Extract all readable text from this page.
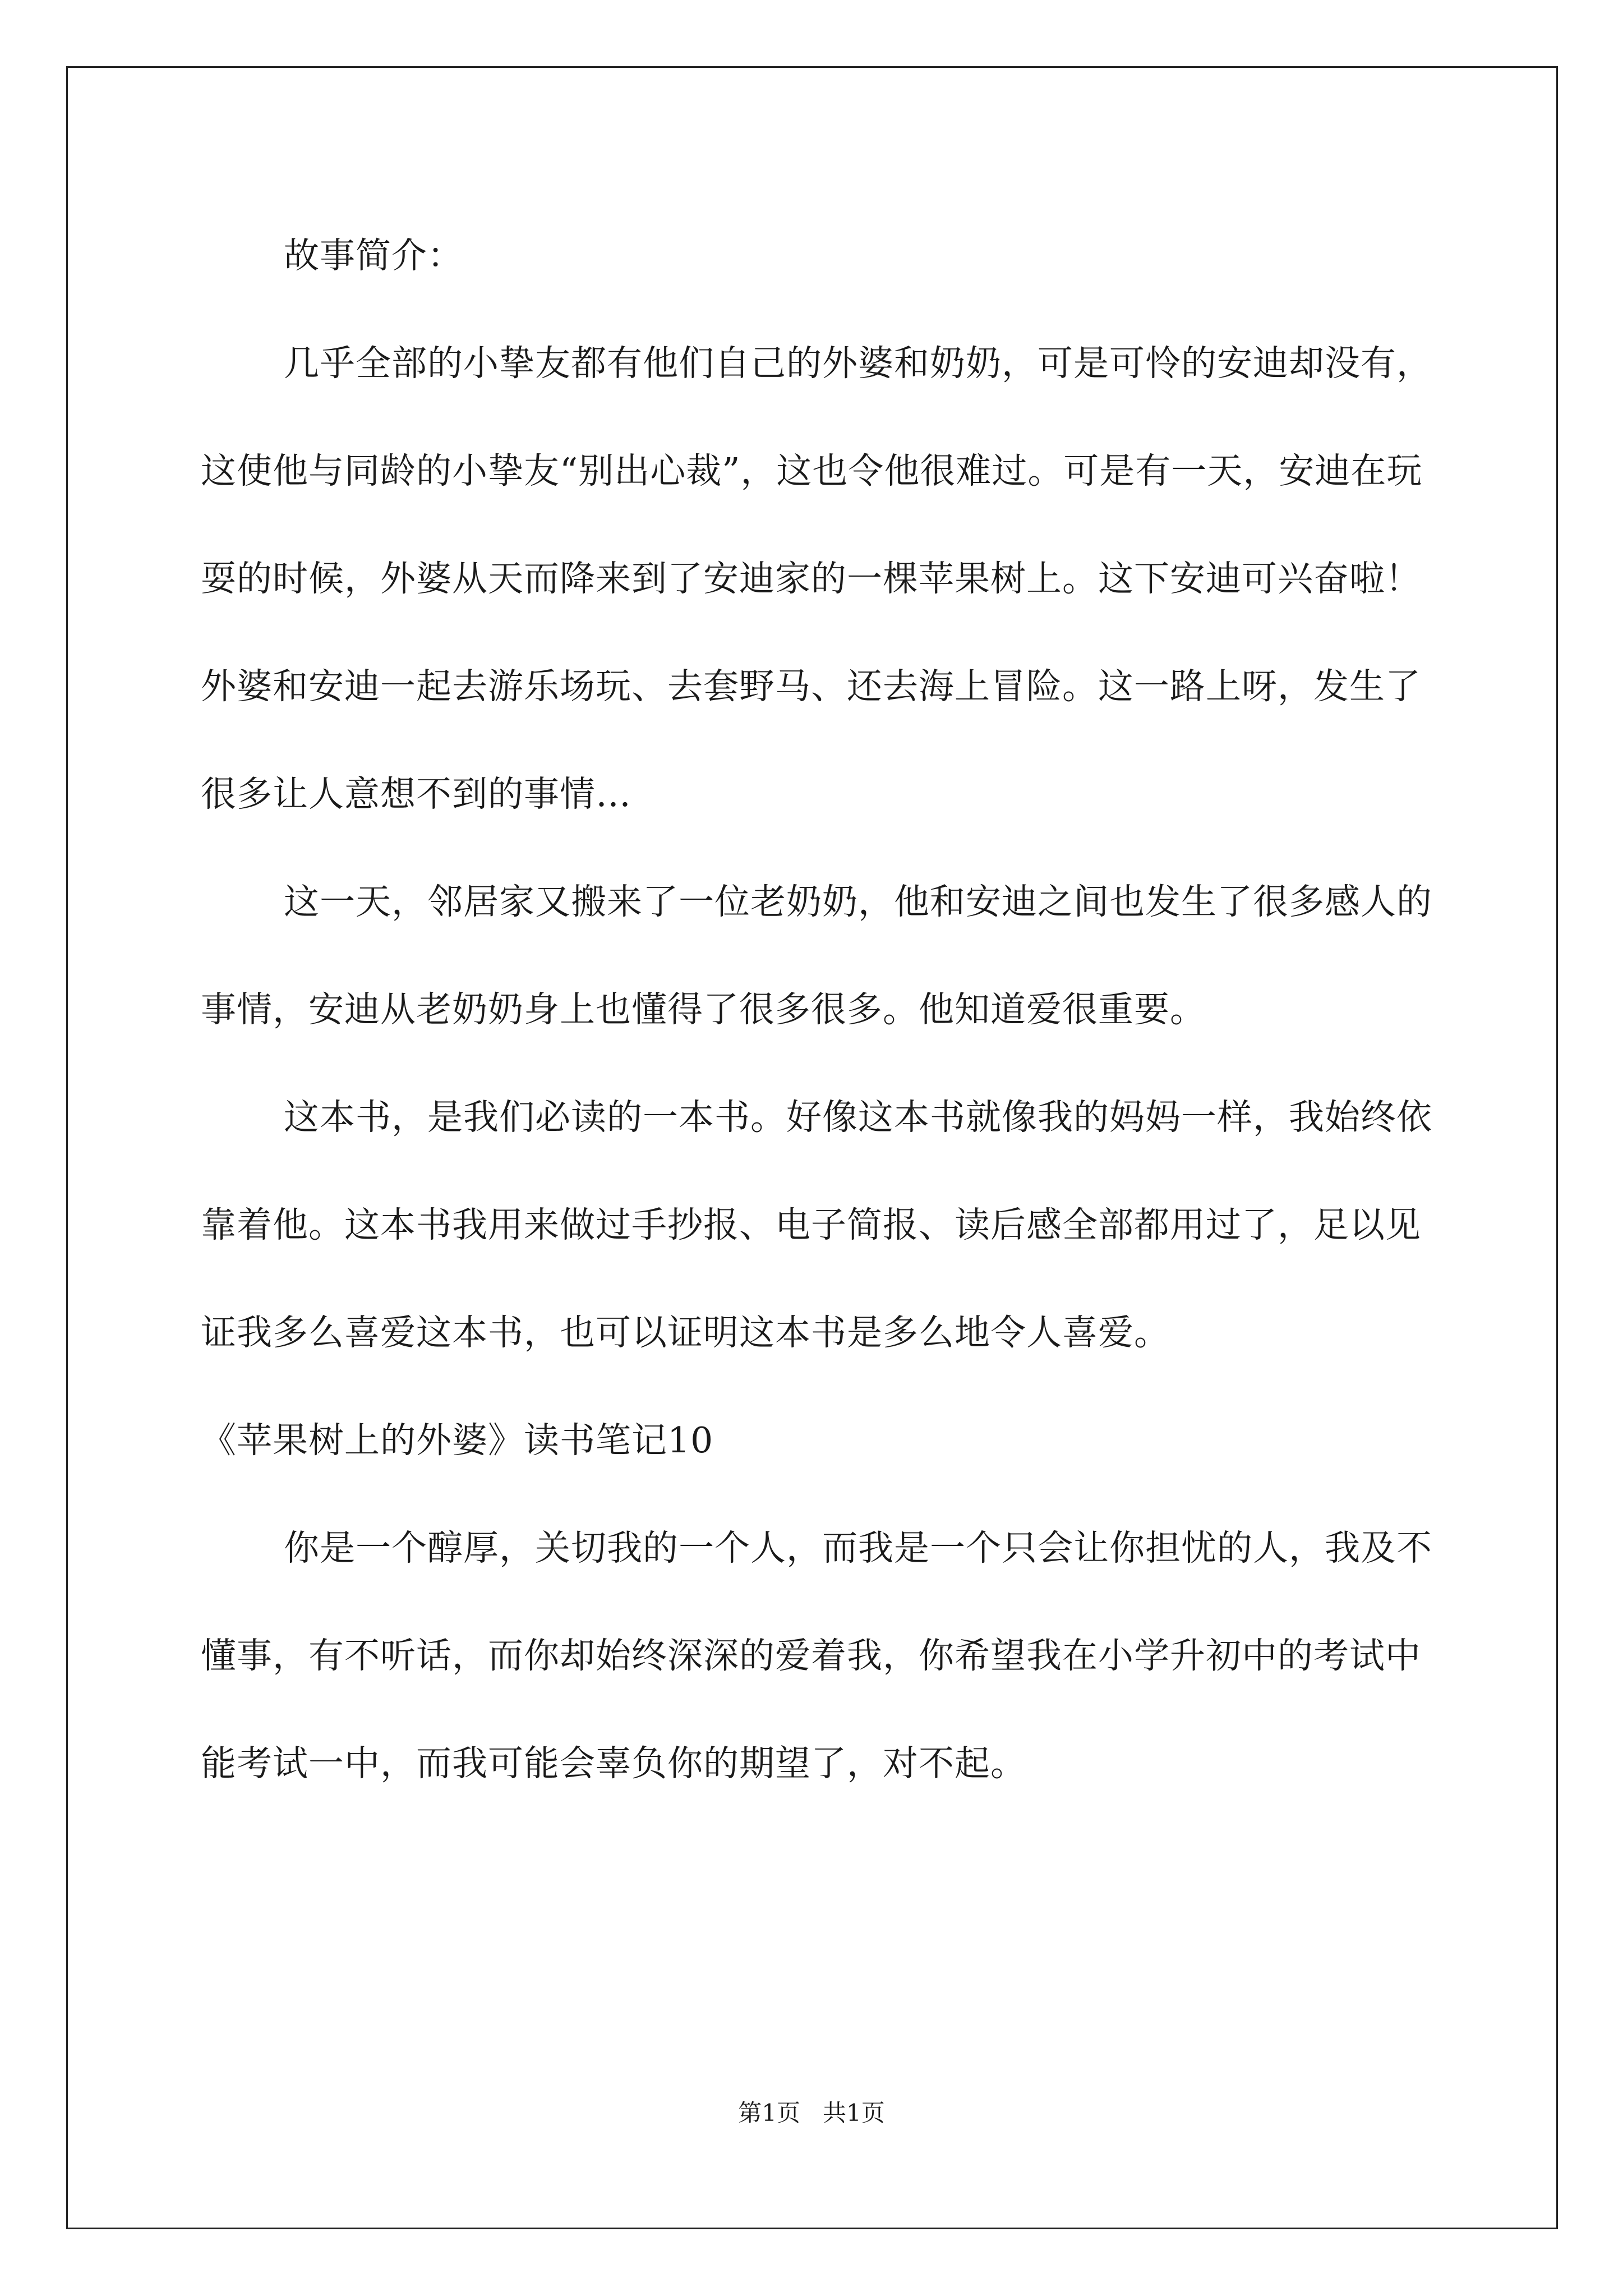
故事简介：

几乎全部的小挚友都有他们自己的外婆和奶奶，可是可怜的安迪却没有，这使他与同龄的小挚友“别出心裁”，这也令他很难过。可是有一天，安迪在玩耍的时候，外婆从天而降来到了安迪家的一棵苹果树上。这下安迪可兴奋啦！外婆和安迪一起去游乐场玩、去套野马、还去海上冒险。这一路上呀，发生了很多让人意想不到的事情…

这一天，邻居家又搬来了一位老奶奶，他和安迪之间也发生了很多感人的事情，安迪从老奶奶身上也懂得了很多很多。他知道爱很重要。

这本书，是我们必读的一本书。好像这本书就像我的妈妈一样，我始终依靠着他。这本书我用来做过手抄报、电子简报、读后感全部都用过了，足以见证我多么喜爱这本书，也可以证明这本书是多么地令人喜爱。

《苹果树上的外婆》读书笔记10

你是一个醇厚，关切我的一个人，而我是一个只会让你担忧的人，我及不懂事，有不听话，而你却始终深深的爱着我，你希望我在小学升初中的考试中能考试一中，而我可能会辜负你的期望了，对不起。

第1页 共1页
